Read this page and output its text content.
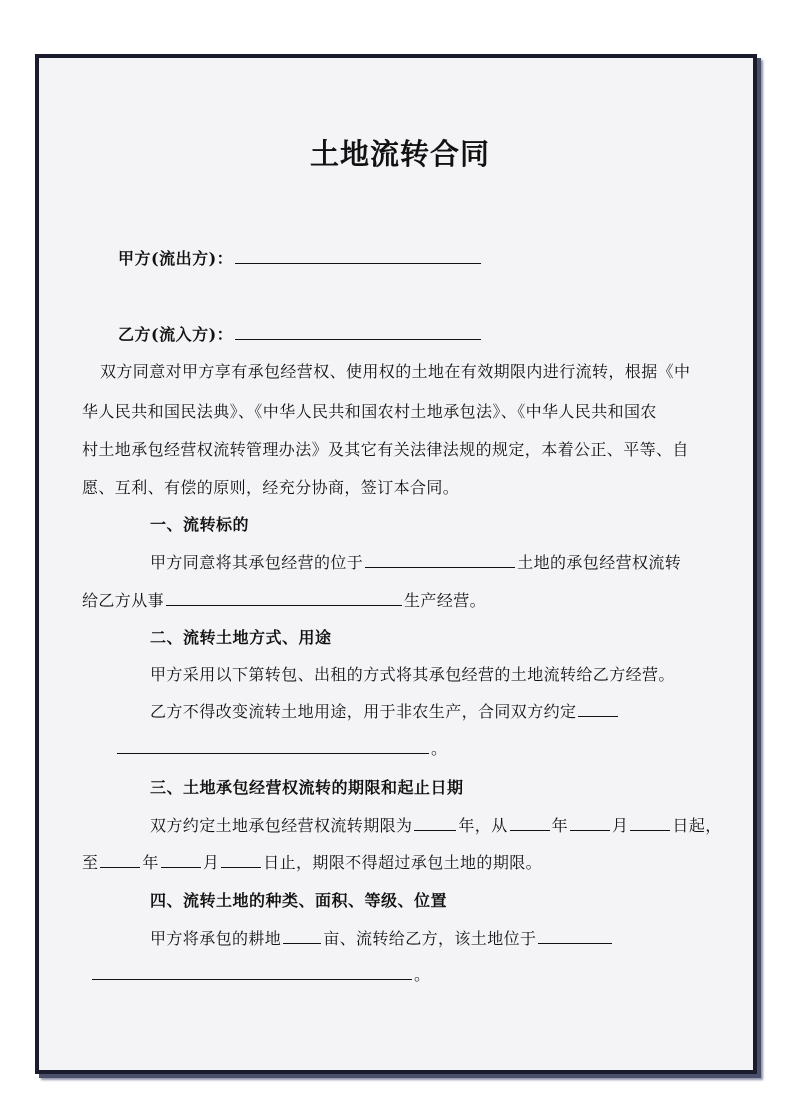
土地流转合同
甲方(流出方)：
乙方(流入方)：
双方同意对甲方享有承包经营权、使用权的土地在有效期限内进行流转，根据《中
华人民共和国民法典》、《中华人民共和国农村土地承包法》、《中华人民共和国农
村土地承包经营权流转管理办法》及其它有关法律法规的规定，本着公正、平等、自
愿、互利、有偿的原则，经充分协商，签订本合同。
一、流转标的
甲方同意将其承包经营的位于	土地的承包经营权流转
给乙方从事	生产经营。
二、流转土地方式、用途
甲方采用以下第转包、出租的方式将其承包经营的土地流转给乙方经营。
乙方不得改变流转土地用途，用于非农生产，合同双方约定
。
三、土地承包经营权流转的期限和起止日期
双方约定土地承包经营权流转期限为	年，从	年	月	日起，
至	年	月	日止，期限不得超过承包土地的期限。
四、流转土地的种类、面积、等级、位置
甲方将承包的耕地	亩、流转给乙方，该土地位于
。
